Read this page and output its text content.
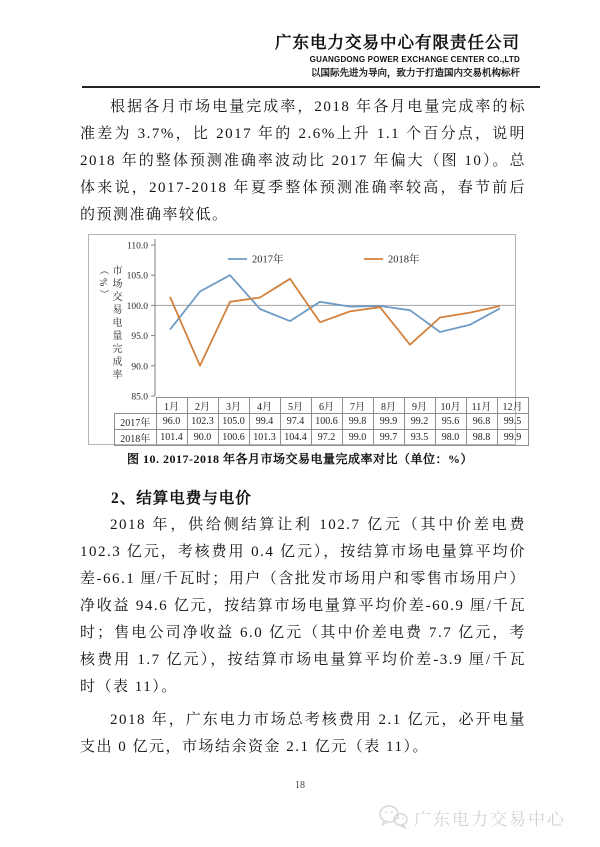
广东电力交易中心有限责任公司
GUANGDONG POWER EXCHANGE CENTER CO.,LTD
以国际先进为导向，致力于打造国内交易机构标杆
根据各月市场电量完成率，2018 年各月电量完成率的标准差为 3.7%，比 2017 年的 2.6%上升 1.1 个百分点，说明 2018 年的整体预测准确率波动比 2017 年偏大（图 10）。总体来说，2017-2018 年夏季整体预测准确率较高，春节前后的预测准确率较低。
市场交易电量完成率（%）
	1月	2月	3月	4月	5月	6月	7月	8月	9月	10月	11月	12月
2017年	96.0	102.3	105.0	99.4	97.4	100.6	99.8	99.9	99.2	95.6	96.8	99.5
2018年	101.4	90.0	100.6	101.3	104.4	97.2	99.0	99.7	93.5	98.0	98.8	99.9
110.0
105.0
100.0
95.0
90.0
85.0
2017年	2018年
图 10. 2017-2018 年各月市场交易电量完成率对比（单位：%）
2、结算电费与电价
2018 年，供给侧结算让利 102.7 亿元（其中价差电费 102.3 亿元，考核费用 0.4 亿元），按结算市场电量算平均价差-66.1 厘/千瓦时；用户（含批发市场用户和零售市场用户）净收益 94.6 亿元，按结算市场电量算平均价差-60.9 厘/千瓦时；售电公司净收益 6.0 亿元（其中价差电费 7.7 亿元，考核费用 1.7 亿元），按结算市场电量算平均价差-3.9 厘/千瓦时（表 11）。
2018 年，广东电力市场总考核费用 2.1 亿元，必开电量支出 0 亿元，市场结余资金 2.1 亿元（表 11）。
18
广东电力交易中心
